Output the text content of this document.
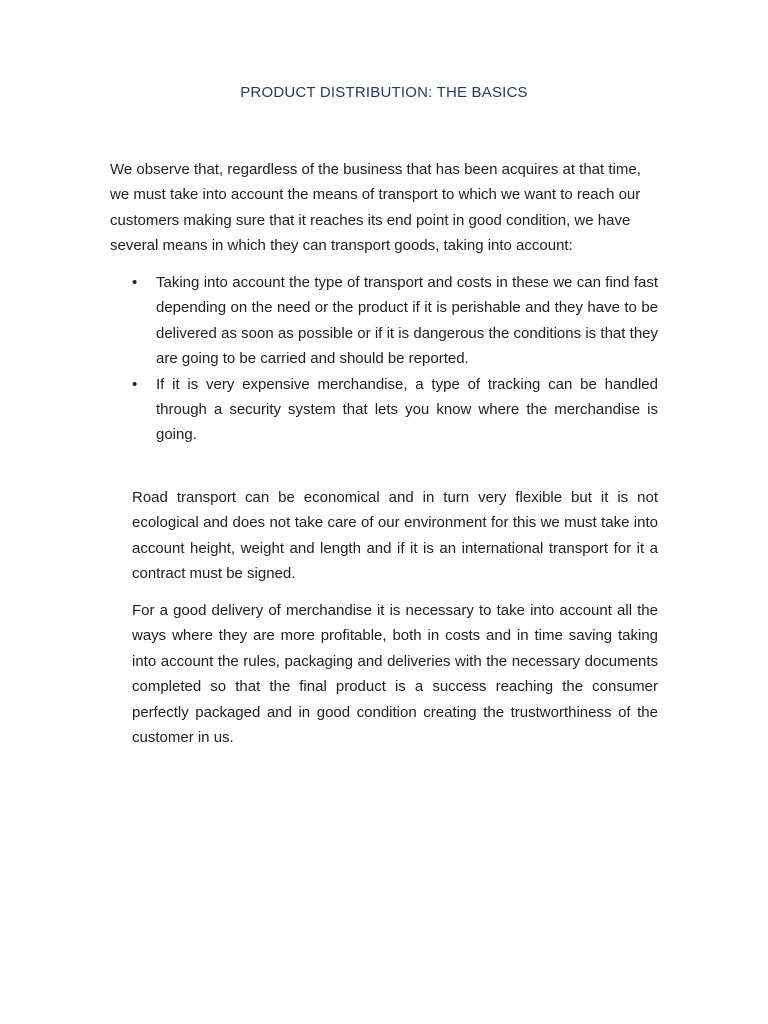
PRODUCT DISTRIBUTION: THE BASICS

We observe that, regardless of the business that has been acquires at that time, we must take into account the means of transport to which we want to reach our customers making sure that it reaches its end point in good condition, we have several means in which they can transport goods, taking into account:

•	Taking into account the type of transport and costs in these we can find fast depending on the need or the product if it is perishable and they have to be delivered as soon as possible or if it is dangerous the conditions is that they are going to be carried and should be reported.
•	If it is very expensive merchandise, a type of tracking can be handled through a security system that lets you know where the merchandise is going.

Road transport can be economical and in turn very flexible but it is not ecological and does not take care of our environment for this we must take into account height, weight and length and if it is an international transport for it a contract must be signed.

For a good delivery of merchandise it is necessary to take into account all the ways where they are more profitable, both in costs and in time saving taking into account the rules, packaging and deliveries with the necessary documents completed so that the final product is a success reaching the consumer perfectly packaged and in good condition creating the trustworthiness of the customer in us.
